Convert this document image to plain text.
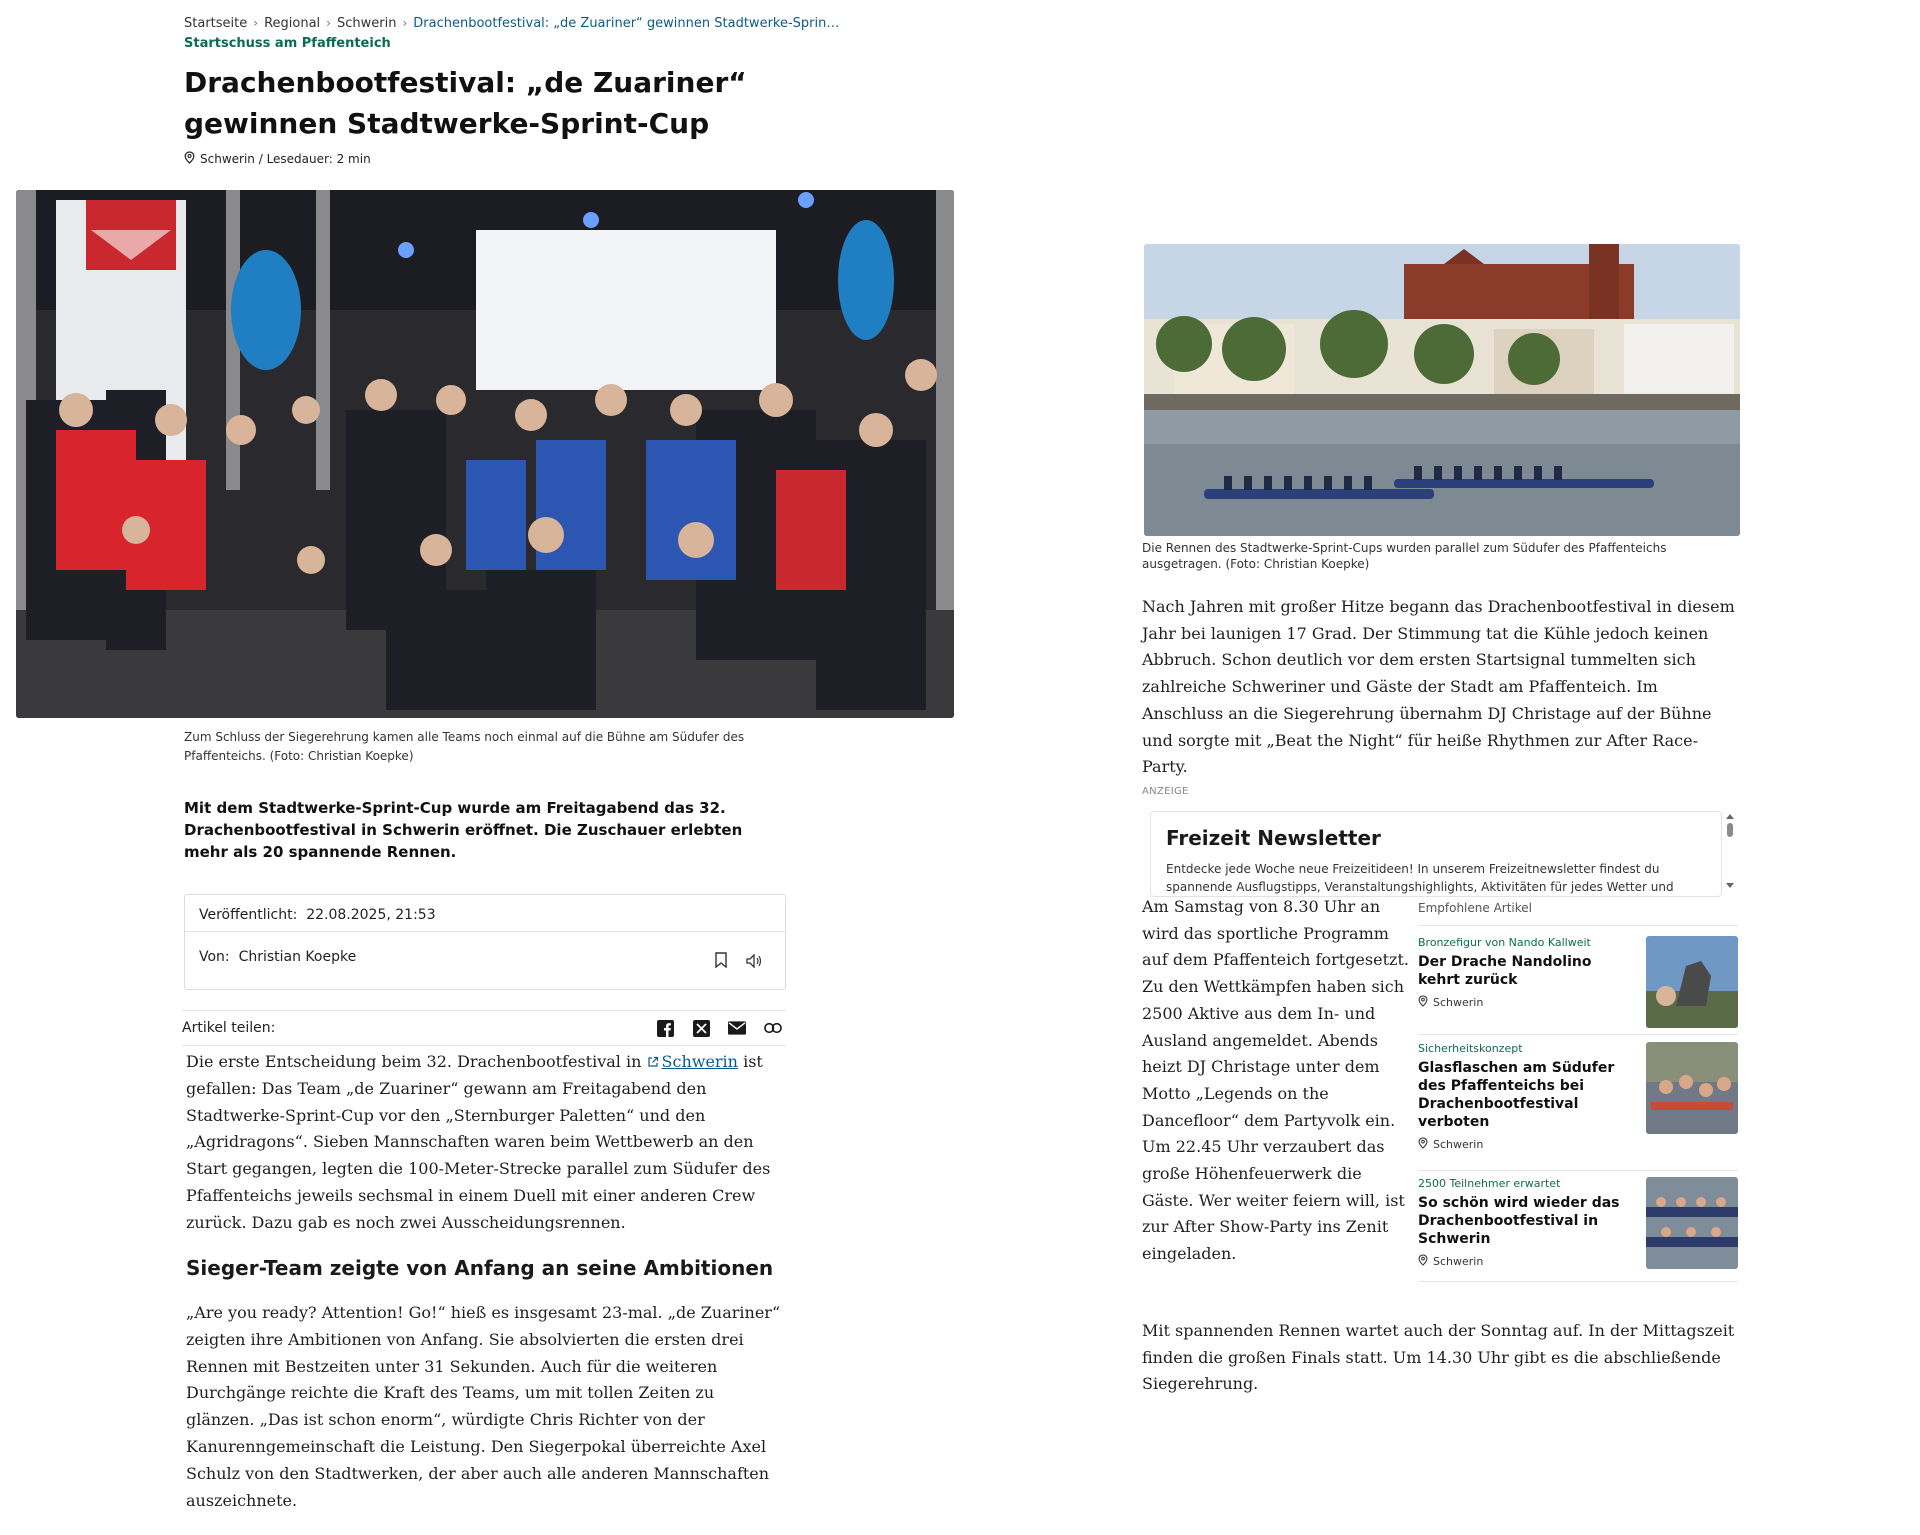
Startseite › Regional › Schwerin › Drachenbootfestival: „de Zuariner“ gewinnen Stadtwerke-Sprin…
Startschuss am Pfaffenteich
Drachenbootfestival: „de Zuariner“ gewinnen Stadtwerke-Sprint-Cup
Schwerin / Lesedauer: 2 min
Zum Schluss der Siegerehrung kamen alle Teams noch einmal auf die Bühne am Südufer des Pfaffenteichs. (Foto: Christian Koepke)
Mit dem Stadtwerke-Sprint-Cup wurde am Freitagabend das 32. Drachenbootfestival in Schwerin eröffnet. Die Zuschauer erlebten mehr als 20 spannende Rennen.
Veröffentlicht: 22.08.2025, 21:53
Von: Christian Koepke
Artikel teilen:
Die erste Entscheidung beim 32. Drachenbootfestival in Schwerin ist gefallen: Das Team „de Zuariner“ gewann am Freitagabend den Stadtwerke-Sprint-Cup vor den „Sternburger Paletten“ und den „Agridragons“. Sieben Mannschaften waren beim Wettbewerb an den Start gegangen, legten die 100-Meter-Strecke parallel zum Südufer des Pfaffenteichs jeweils sechsmal in einem Duell mit einer anderen Crew zurück. Dazu gab es noch zwei Ausscheidungsrennen.
Sieger-Team zeigte von Anfang an seine Ambitionen
„Are you ready? Attention! Go!“ hieß es insgesamt 23-mal. „de Zuariner“ zeigten ihre Ambitionen von Anfang. Sie absolvierten die ersten drei Rennen mit Bestzeiten unter 31 Sekunden. Auch für die weiteren Durchgänge reichte die Kraft des Teams, um mit tollen Zeiten zu glänzen. „Das ist schon enorm“, würdigte Chris Richter von der Kanurenngemeinschaft die Leistung. Den Siegerpokal überreichte Axel Schulz von den Stadtwerken, der aber auch alle anderen Mannschaften auszeichnete.
Die Rennen des Stadtwerke-Sprint-Cups wurden parallel zum Südufer des Pfaffenteichs ausgetragen. (Foto: Christian Koepke)
Nach Jahren mit großer Hitze begann das Drachenbootfestival in diesem Jahr bei launigen 17 Grad. Der Stimmung tat die Kühle jedoch keinen Abbruch. Schon deutlich vor dem ersten Startsignal tummelten sich zahlreiche Schweriner und Gäste der Stadt am Pfaffenteich. Im Anschluss an die Siegerehrung übernahm DJ Christage auf der Bühne und sorgte mit „Beat the Night“ für heiße Rhythmen zur After Race-Party.
ANZEIGE
Freizeit Newsletter
Entdecke jede Woche neue Freizeitideen! In unserem Freizeitnewsletter findest du spannende Ausflugstipps, Veranstaltungshighlights, Aktivitäten für jedes Wetter und
Am Samstag von 8.30 Uhr an wird das sportliche Programm auf dem Pfaffenteich fortgesetzt. Zu den Wettkämpfen haben sich 2500 Aktive aus dem In- und Ausland angemeldet. Abends heizt DJ Christage unter dem Motto „Legends on the Dancefloor“ dem Partyvolk ein. Um 22.45 Uhr verzaubert das große Höhenfeuerwerk die Gäste. Wer weiter feiern will, ist zur After Show-Party ins Zenit eingeladen.
Empfohlene Artikel
Bronzefigur von Nando Kallweit
Der Drache Nandolino kehrt zurück
Schwerin
Sicherheitskonzept
Glasflaschen am Südufer des Pfaffenteichs bei Drachenbootfestival verboten
Schwerin
2500 Teilnehmer erwartet
So schön wird wieder das Drachenbootfestival in Schwerin
Schwerin
Mit spannenden Rennen wartet auch der Sonntag auf. In der Mittagszeit finden die großen Finals statt. Um 14.30 Uhr gibt es die abschließende Siegerehrung.
